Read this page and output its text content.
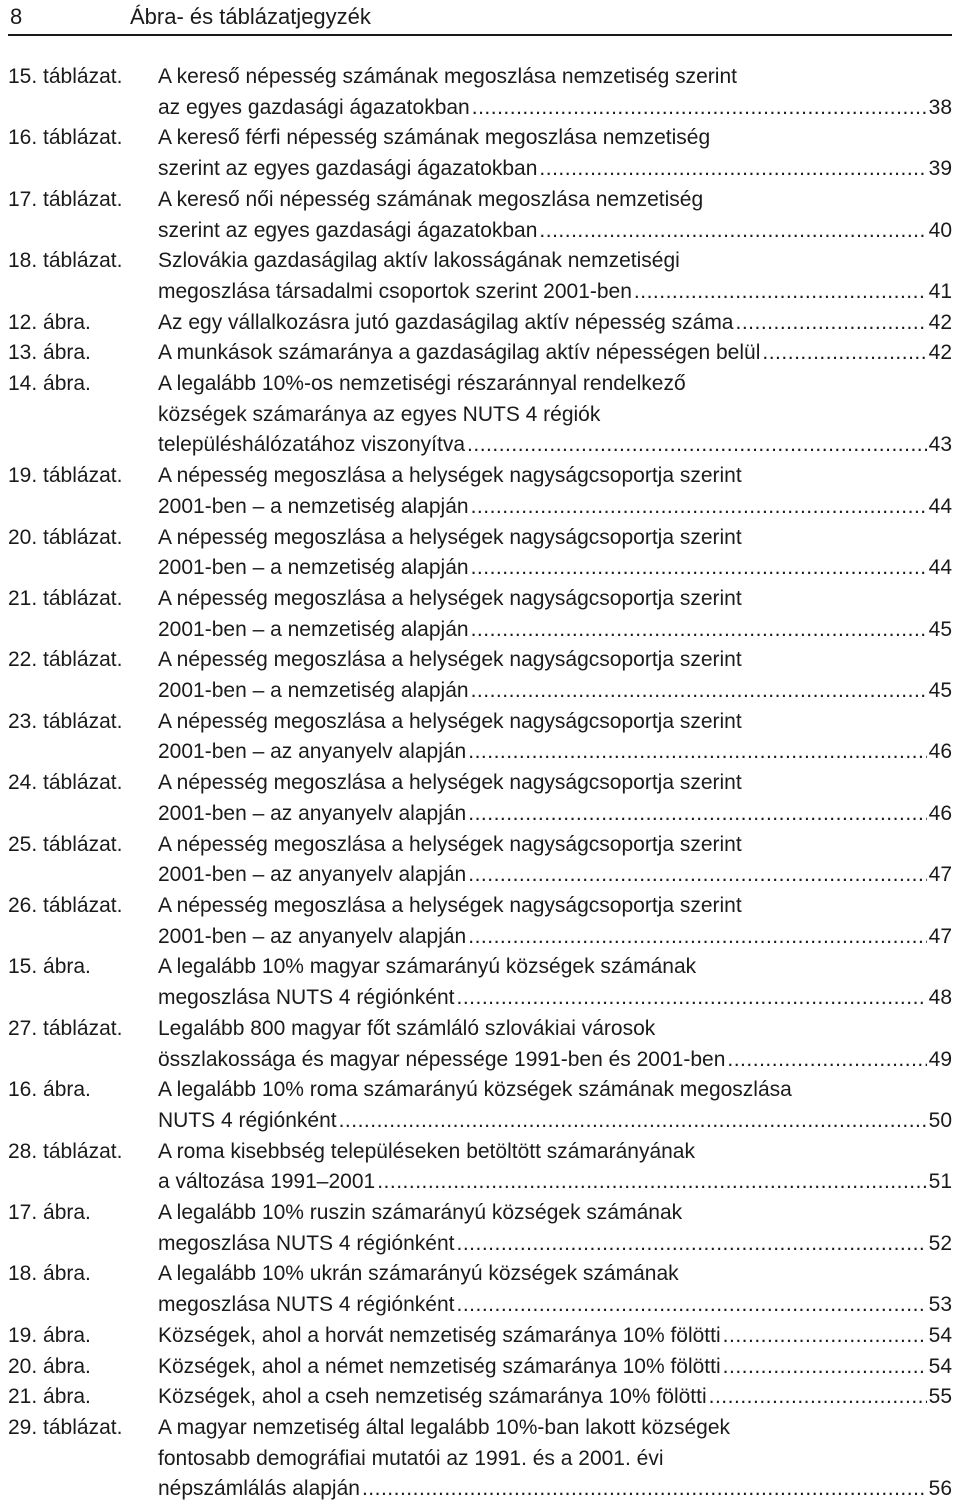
8	Ábra- és táblázatjegyzék
15. táblázat.	A kereső népesség számának megoszlása nemzetiség szerint
az egyes gazdasági ágazatokban .....	38
16. táblázat.	A kereső férfi népesség számának megoszlása nemzetiség
szerint az egyes gazdasági ágazatokban .....	39
17. táblázat.	A kereső női népesség számának megoszlása nemzetiség
szerint az egyes gazdasági ágazatokban .....	40
18. táblázat.	Szlovákia gazdaságilag aktív lakosságának nemzetiségi
megoszlása társadalmi csoportok szerint 2001-ben .....	41
12. ábra.	Az egy vállalkozásra jutó gazdaságilag aktív népesség száma .....	42
13. ábra.	A munkások számaránya a gazdaságilag aktív népességen belül .....	42
14. ábra.	A legalább 10%-os nemzetiségi részaránnyal rendelkező
községek számaránya az egyes NUTS 4 régiók
településhálózatához viszonyítva .....	43
19. táblázat.	A népesség megoszlása a helységek nagyságcsoportja szerint
2001-ben – a nemzetiség alapján .....	44
20. táblázat.	A népesség megoszlása a helységek nagyságcsoportja szerint
2001-ben – a nemzetiség alapján .....	44
21. táblázat.	A népesség megoszlása a helységek nagyságcsoportja szerint
2001-ben – a nemzetiség alapján .....	45
22. táblázat.	A népesség megoszlása a helységek nagyságcsoportja szerint
2001-ben – a nemzetiség alapján .....	45
23. táblázat.	A népesség megoszlása a helységek nagyságcsoportja szerint
2001-ben – az anyanyelv alapján .....	46
24. táblázat.	A népesség megoszlása a helységek nagyságcsoportja szerint
2001-ben – az anyanyelv alapján .....	46
25. táblázat.	A népesség megoszlása a helységek nagyságcsoportja szerint
2001-ben – az anyanyelv alapján .....	47
26. táblázat.	A népesség megoszlása a helységek nagyságcsoportja szerint
2001-ben – az anyanyelv alapján .....	47
15. ábra.	A legalább 10% magyar számarányú községek számának
megoszlása NUTS 4 régiónként .....	48
27. táblázat.	Legalább 800 magyar főt számláló szlovákiai városok
összlakossága és magyar népessége 1991-ben és 2001-ben .....	49
16. ábra.	A legalább 10% roma számarányú községek számának megoszlása
NUTS 4 régiónként .....	50
28. táblázat.	A roma kisebbség településeken betöltött számarányának
a változása 1991–2001 .....	51
17. ábra.	A legalább 10% ruszin számarányú községek számának
megoszlása NUTS 4 régiónként .....	52
18. ábra.	A legalább 10% ukrán számarányú községek számának
megoszlása NUTS 4 régiónként .....	53
19. ábra.	Községek, ahol a horvát nemzetiség számaránya 10% fölötti .....	54
20. ábra.	Községek, ahol a német nemzetiség számaránya 10% fölötti .....	54
21. ábra.	Községek, ahol a cseh nemzetiség számaránya 10% fölötti .....	55
29. táblázat.	A magyar nemzetiség által legalább 10%-ban lakott községek
fontosabb demográfiai mutatói az 1991. és a 2001. évi
népszámlálás alapján .....	56
